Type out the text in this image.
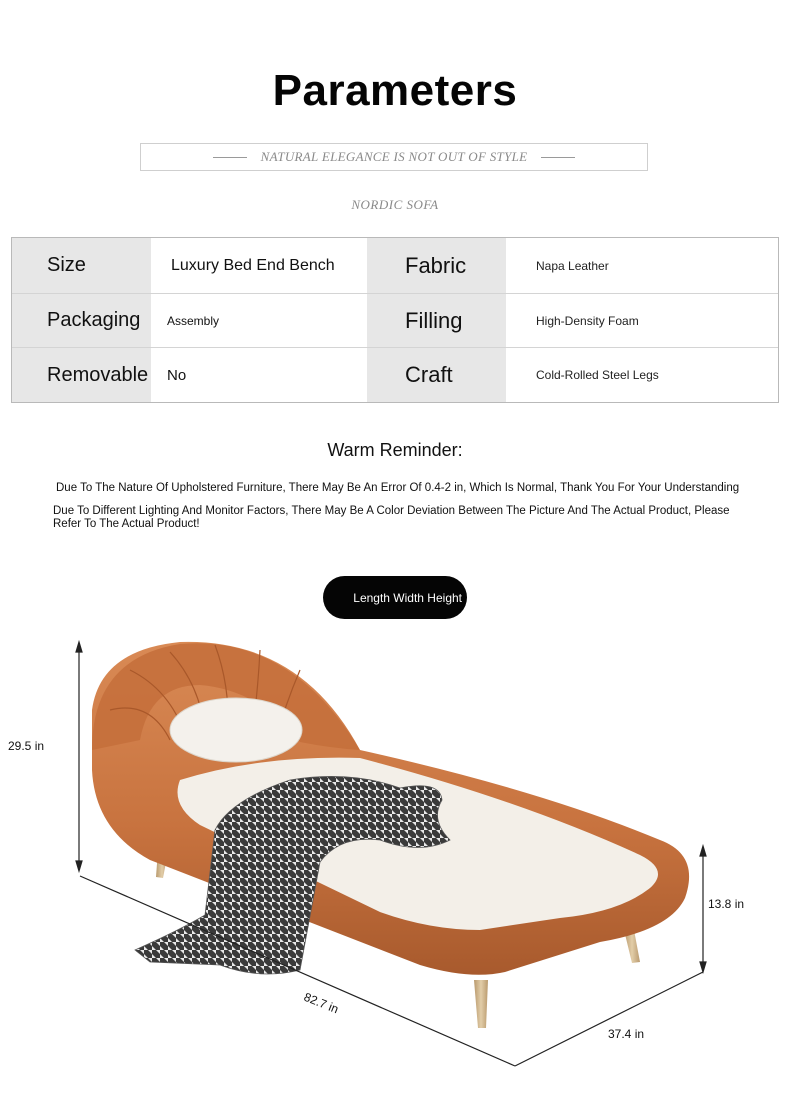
Parameters
NATURAL ELEGANCE IS NOT OUT OF STYLE
NORDIC SOFA
Size	Luxury Bed End Bench	Fabric	Napa Leather
Packaging	Assembly	Filling	High-Density Foam
Removable	No	Craft	Cold-Rolled Steel Legs
Warm Reminder:
Due To The Nature Of Upholstered Furniture, There May Be An Error Of 0.4-2 in, Which Is Normal, Thank You For Your Understanding
Due To Different Lighting And Monitor Factors, There May Be A Color Deviation Between The Picture And The Actual Product, Please Refer To The Actual Product!
Length Width Height
29.5 in
13.8 in
82.7 in
37.4 in
